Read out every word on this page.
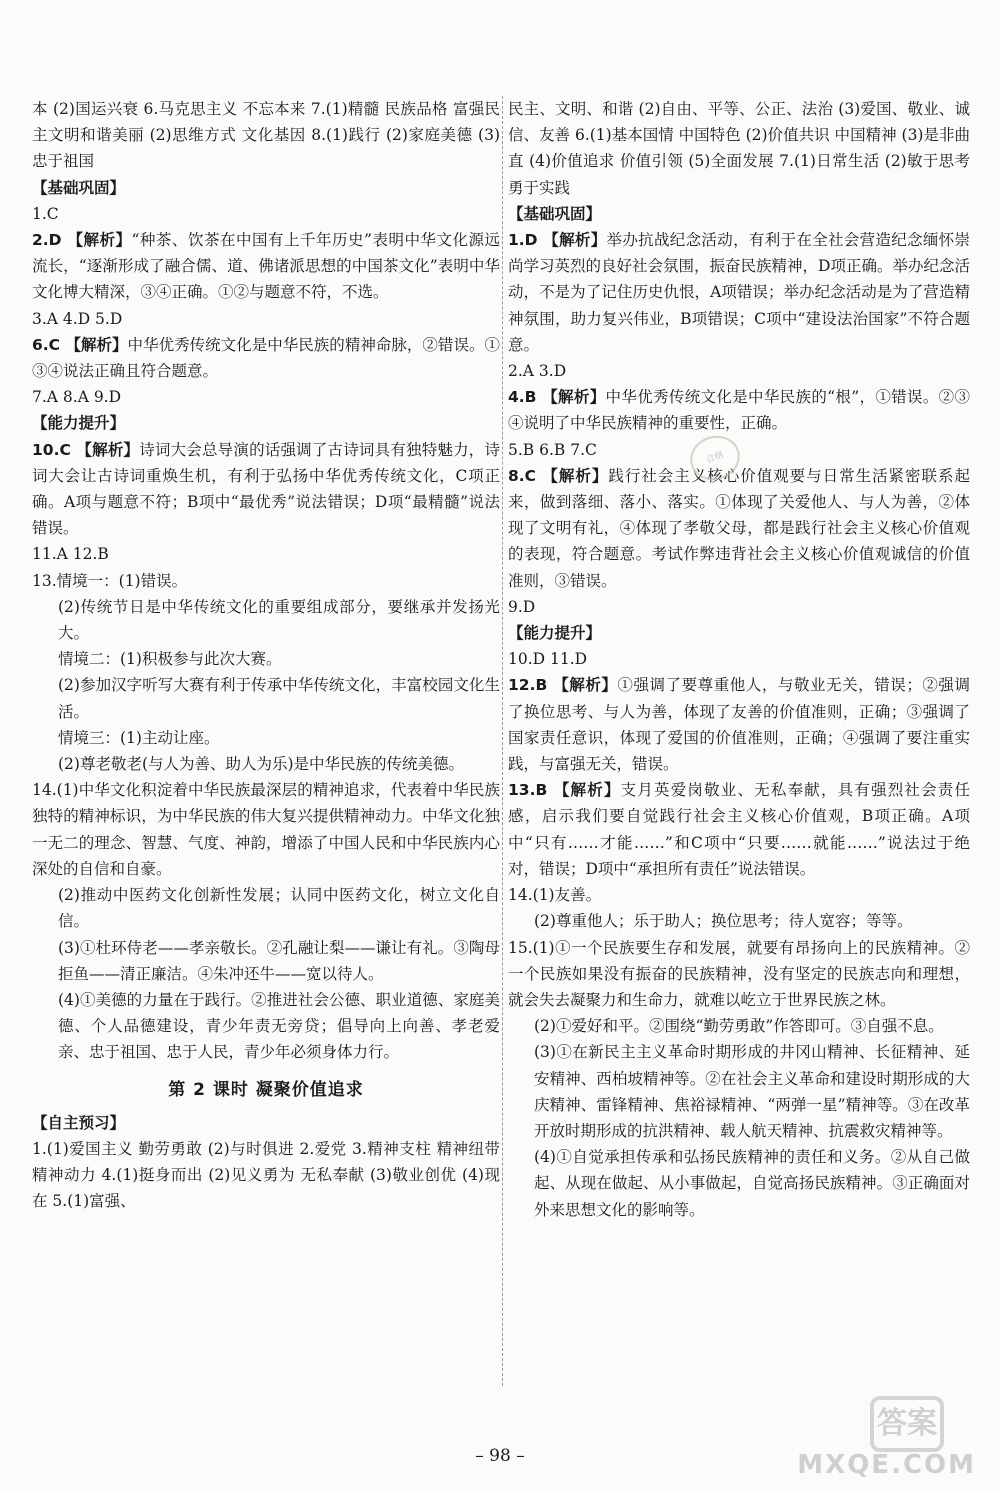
本 (2)国运兴衰 6.马克思主义 不忘本来 7.(1)精髓 民族品格 富强民主文明和谐美丽 (2)思维方式 文化基因 8.(1)践行 (2)家庭美德 (3)忠于祖国

【基础巩固】

1.C

2.D 【解析】“种茶、饮茶在中国有上千年历史”表明中华文化源远流长，“逐渐形成了融合儒、道、佛诸派思想的中国茶文化”表明中华文化博大精深，③④正确。①②与题意不符，不选。

3.A 4.D 5.D

6.C 【解析】中华优秀传统文化是中华民族的精神命脉，②错误。①③④说法正确且符合题意。

7.A 8.A 9.D

【能力提升】

10.C 【解析】诗词大会总导演的话强调了古诗词具有独特魅力，诗词大会让古诗词重焕生机，有利于弘扬中华优秀传统文化，C项正确。A项与题意不符；B项中“最优秀”说法错误；D项“最精髓”说法错误。

11.A 12.B

13.情境一：(1)错误。

(2)传统节日是中华传统文化的重要组成部分，要继承并发扬光大。

情境二：(1)积极参与此次大赛。

(2)参加汉字听写大赛有利于传承中华传统文化，丰富校园文化生活。

情境三：(1)主动让座。

(2)尊老敬老(与人为善、助人为乐)是中华民族的传统美德。

14.(1)中华文化积淀着中华民族最深层的精神追求，代表着中华民族独特的精神标识，为中华民族的伟大复兴提供精神动力。中华文化独一无二的理念、智慧、气度、神韵，增添了中国人民和中华民族内心深处的自信和自豪。

(2)推动中医药文化创新性发展；认同中医药文化，树立文化自信。

(3)①杜环侍老——孝亲敬长。②孔融让梨——谦让有礼。③陶母拒鱼——清正廉洁。④朱冲还牛——宽以待人。

(4)①美德的力量在于践行。②推进社会公德、职业道德、家庭美德、个人品德建设，青少年责无旁贷；倡导向上向善、孝老爱亲、忠于祖国、忠于人民，青少年必须身体力行。

第 2 课时 凝聚价值追求

【自主预习】

1.(1)爱国主义 勤劳勇敢 (2)与时俱进 2.爱党 3.精神支柱 精神纽带 精神动力 4.(1)挺身而出 (2)见义勇为 无私奉献 (3)敬业创优 (4)现在 5.(1)富强、

民主、文明、和谐 (2)自由、平等、公正、法治 (3)爱国、敬业、诚信、友善 6.(1)基本国情 中国特色 (2)价值共识 中国精神 (3)是非曲直 (4)价值追求 价值引领 (5)全面发展 7.(1)日常生活 (2)敏于思考 勇于实践

【基础巩固】

1.D 【解析】举办抗战纪念活动，有利于在全社会营造纪念缅怀崇尚学习英烈的良好社会氛围，振奋民族精神，D项正确。举办纪念活动，不是为了记住历史仇恨，A项错误；举办纪念活动是为了营造精神氛围，助力复兴伟业，B项错误；C项中“建设法治国家”不符合题意。

2.A 3.D

4.B 【解析】中华优秀传统文化是中华民族的“根”，①错误。②③④说明了中华民族精神的重要性，正确。

5.B 6.B 7.C

8.C 【解析】践行社会主义核心价值观要与日常生活紧密联系起来，做到落细、落小、落实。①体现了关爱他人、与人为善，②体现了文明有礼，④体现了孝敬父母，都是践行社会主义核心价值观的表现，符合题意。考试作弊违背社会主义核心价值观诚信的价值准则，③错误。

9.D

【能力提升】

10.D 11.D

12.B 【解析】①强调了要尊重他人，与敬业无关，错误；②强调了换位思考、与人为善，体现了友善的价值准则，正确；③强调了国家责任意识，体现了爱国的价值准则，正确；④强调了要注重实践，与富强无关，错误。

13.B 【解析】支月英爱岗敬业、无私奉献，具有强烈社会责任感，启示我们要自觉践行社会主义核心价值观，B项正确。A项中“只有……才能……”和C项中“只要……就能……”说法过于绝对，错误；D项中“承担所有责任”说法错误。

14.(1)友善。

(2)尊重他人；乐于助人；换位思考；待人宽容；等等。

15.(1)①一个民族要生存和发展，就要有昂扬向上的民族精神。②一个民族如果没有振奋的民族精神，没有坚定的民族志向和理想，就会失去凝聚力和生命力，就难以屹立于世界民族之林。

(2)①爱好和平。②围绕“勤劳勇敢”作答即可。③自强不息。

(3)①在新民主主义革命时期形成的井冈山精神、长征精神、延安精神、西柏坡精神等。②在社会主义革命和建设时期形成的大庆精神、雷锋精神、焦裕禄精神、“两弹一星”精神等。③在改革开放时期形成的抗洪精神、载人航天精神、抗震救灾精神等。

(4)①自觉承担传承和弘扬民族精神的责任和义务。②从自己做起、从现在做起、从小事做起，自觉高扬民族精神。③正确面对外来思想文化的影响等。

合格
– 98 –
答案
MXQE.COM
